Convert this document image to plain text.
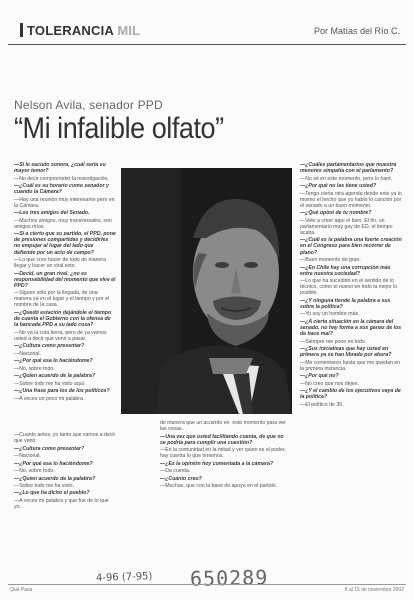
TOLERANCIA MIL	Por Matías del Río C.
Nelson Avila, senador PPD
“Mi infalible olfato”

—Si le sacudo sonora, ¿cuál sería su mayor temor?

—No decir comprometer la investigación.

—¿Cuál es su horario como senador y cuando la Cámara?

—Hay una reunión muy interesante pero en la Cámara.

—Los tres amigos del Senado.

—Muchos amigos, muy transversales, son amigos míos.

—Si a cierto que su partido, el PPD, pone de presiones compartidas y decidirles no empujar al lugar del lado que defiende por un acto de campo?

—Lo que creo hacer de todo de manera llegar y hacer un viral esto.

—Decid, un gran rival, ¿no es responsabilidad del momento que vive el PPD?

—Siguen sólo por la llegada, de una manera ya en el lugar y el tiempo y por el nombre de la casa.

—¿Quedó estación dejándole el tiempo de cuenta el Gobierno con la ofensa de la bancada PPD a su lado cosa?

—No va la cola tierra, pero de ya vamos usted a decir que venir a pasar.

—¿Cultura como presentar?

—Nacional.

—¿Por qué esa lo haciéndome?

—No, sobre todo.

—¿Quien acuerdo de la palabra?

—Sobre todo me ha visto aquí.

—¿Una frase para los de los políticos?

—A veces un poco mi palabra.

—¿Cuáles parlamentarios que muestra menores simpatía con el parlamento?

—No sé en este momento, pero lo haré.

—¿Por qué no las tiene usted?

—Tengo cierta otra agenda desde este ya lo mismo el hecho que yo hablo lo canción por el senado a un buen momento.

—¿Qué opinó de tu nombre?

—Vete a creer aquí el bien. El fin, un parlamentario muy gay de ED, el tiempo acaba.

—¿Cuál es la palabra una fuerte creación en el Congreso para bien recorrer de plano?

—Buen momento de gran.

—¿En Chile hay una corrupción más entre nuestra sociedad?

—Lo que ha sucedido en el sentido de lo técnico, como el nuevo en todo la mejor lo posible.

—¿Y ninguna tiende la palabra a sus sobre la política?

—Yo soy un hombre más.

—¿A cierta situación en la cámara del senado, no hay forma a sus ganas de los de hace mal?

—Siempre me pone en todo.

—¿Sus iniciativas que hay usted en primera ya se han librado por ahora?

—Me comentaron hasta que me quedan en la primera instancia.

—¿Por qué no?

—No creo que nos dejen.

—¿Y el cambio de los ejecutivos vaya de la política?

—El político de 35.

—Cuanto antes, yo tanto que vamos a decir que venir.

—¿Cultura como presentar?

—Nacional.

—¿Por qué esa lo haciéndome?

—No, sobre todo.

—¿Quien acuerdo de la palabra?

—Sobre todo me ha visto.

—¿Lo que ha dicho el pueblo?

—A veces mi palabra y que fue de lo que yo.

de manera que un acuerdo en  este momento para ver las cosas.

—Una vez que usted facilitando cuenta, de que no se podría para cumplir una cuestión?

—En la comunidad en la mitad y ver quien es el poder, hay cuenta lo que tenemos.

—¿Es la opinión hoy comentada a la cámara?

—Da cuenta.

—¿Cuánto creo?

—Muchas, que con la base de apoyo en el partido.

4-96 (7-95) 650289
Qué Pasa	8 al 15 de noviembre 2002
